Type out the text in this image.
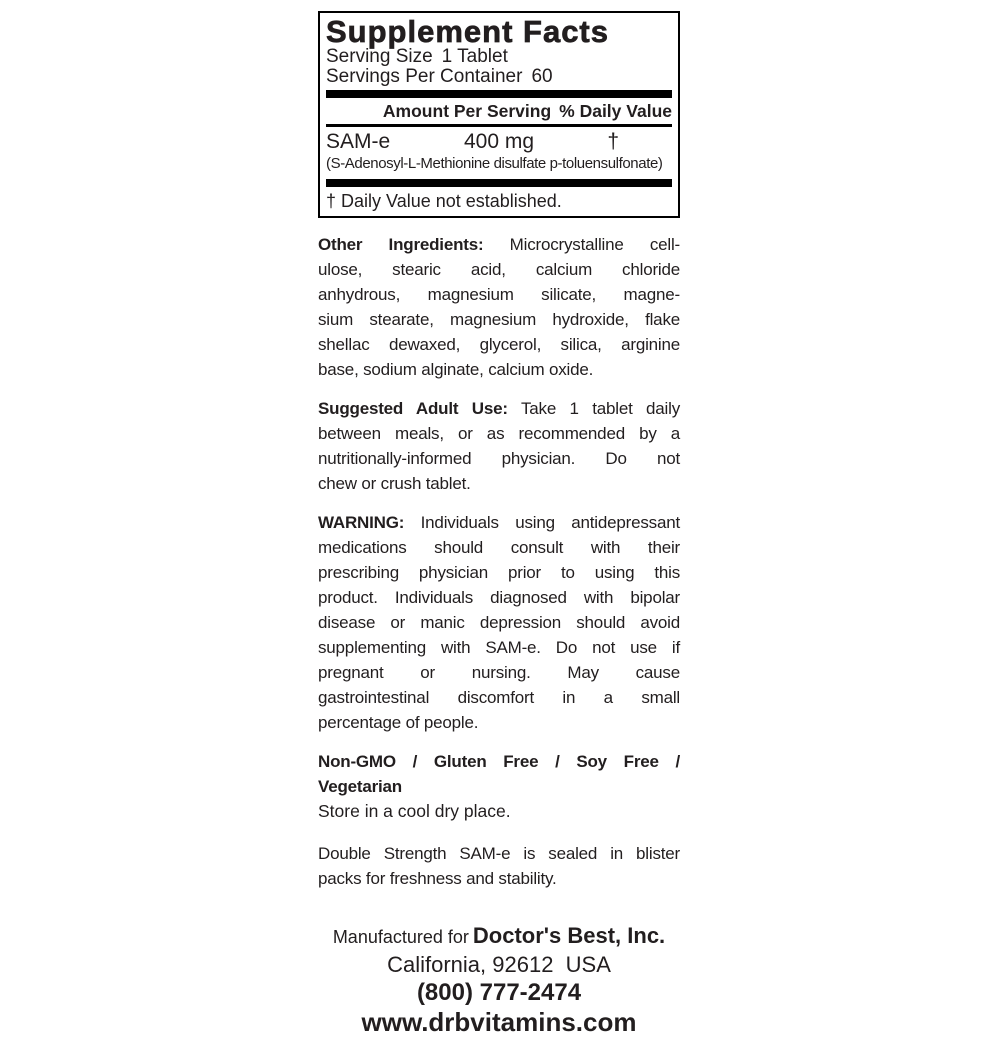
Supplement Facts
Serving Size 1 Tablet
Servings Per Container 60
Amount Per Serving % Daily Value
SAM-e	400 mg	†
(S-Adenosyl-L-Methionine disulfate p-toluensulfonate)
† Daily Value not established.
Other Ingredients: Microcrystalline cell-
ulose, stearic acid, calcium chloride
anhydrous, magnesium silicate, magne-
sium stearate, magnesium hydroxide, flake
shellac dewaxed, glycerol, silica, arginine
base, sodium alginate, calcium oxide.
Suggested Adult Use: Take 1 tablet daily
between meals, or as recommended by a
nutritionally-informed physician. Do not
chew or crush tablet.
WARNING: Individuals using antidepressant
medications should consult with their
prescribing physician prior to using this
product. Individuals diagnosed with bipolar
disease or manic depression should avoid
supplementing with SAM-e. Do not use if
pregnant or nursing. May cause
gastrointestinal discomfort in a small
percentage of people.
Non-GMO / Gluten Free / Soy Free /
Vegetarian
Store in a cool dry place.
Double Strength SAM-e is sealed in blister
packs for freshness and stability.
Manufactured for Doctor's Best, Inc.
California, 92612  USA
(800) 777-2474
www.drbvitamins.com
